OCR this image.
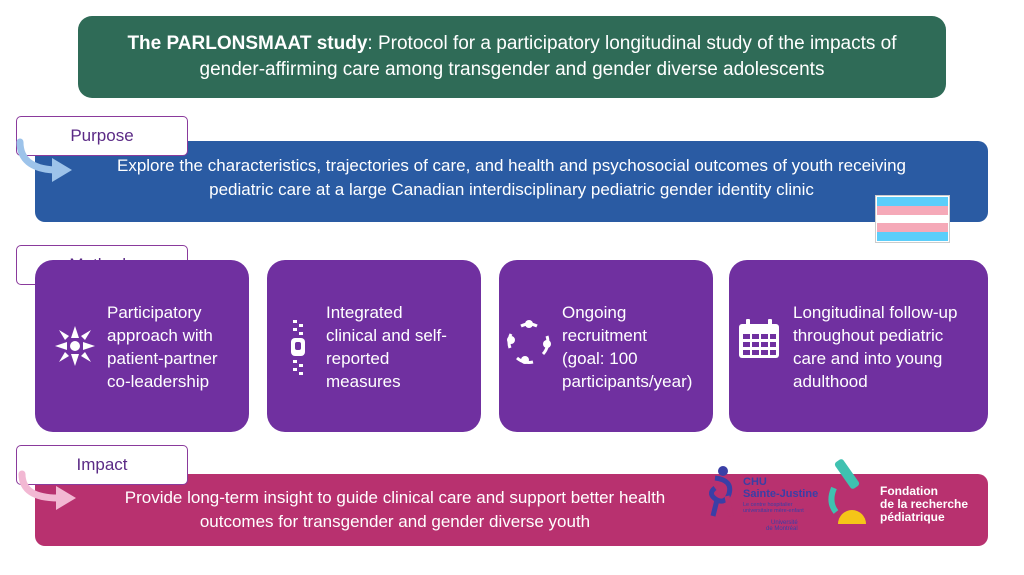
The PARLONSMAAT study: Protocol for a participatory longitudinal study of the impacts of
gender-affirming care among transgender and gender diverse adolescents
Explore the characteristics, trajectories of care, and health and psychosocial outcomes of youth receiving
pediatric care at a large Canadian interdisciplinary pediatric gender identity clinic
Purpose
Participatory
approach with
patient-partner
co-leadership
Integrated
clinical and self-
reported
measures
Ongoing
recruitment
(goal: 100
participants/year)
Longitudinal follow-up
throughout pediatric
care and into young
adulthood
Provide long-term insight to guide clinical care and support better health
outcomes for transgender and gender diverse youth
Impact
CHU
Sainte-Justine
Le centre hospitalier
universitaire mère-enfant
Université
de Montréal
Fondation
de la recherche
pédiatrique
